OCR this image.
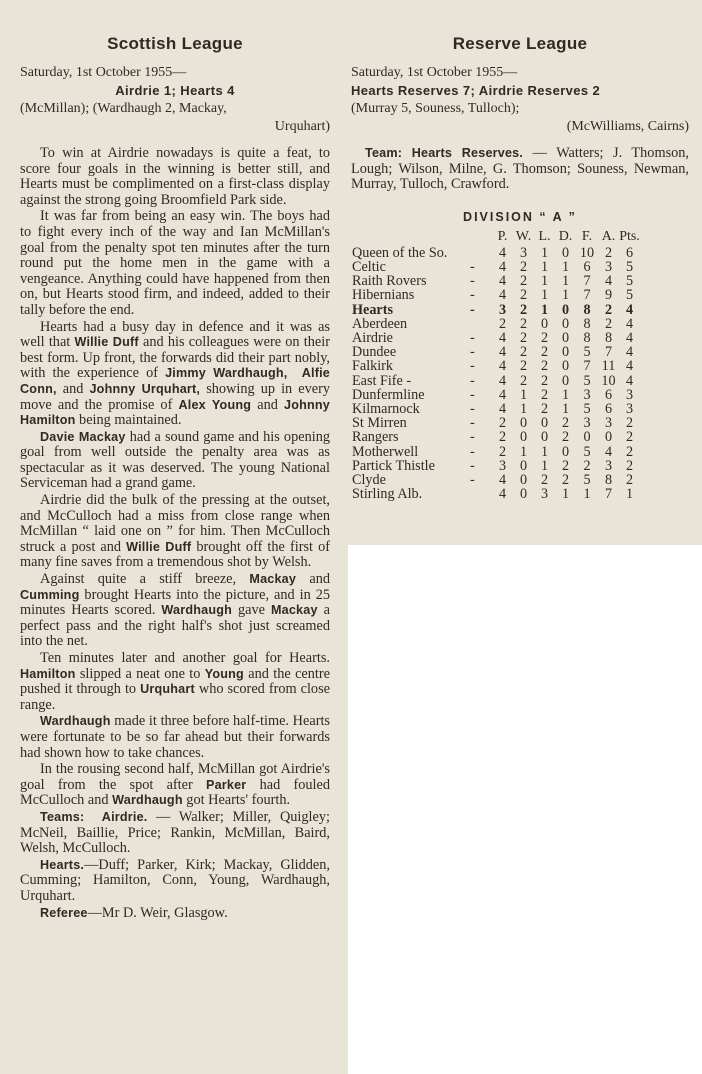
Scottish League
Saturday, 1st October 1955—
Airdrie 1; Hearts 4
(McMillan); (Wardhaugh 2, Mackay,
Urquhart)

To win at Airdrie nowadays is quite a feat, to score four goals in the winning is better still, and Hearts must be complimented on a first-class display against the strong going Broomfield Park side.

It was far from being an easy win. The boys had to fight every inch of the way and Ian McMillan's goal from the penalty spot ten minutes after the turn round put the home men in the game with a vengeance. Anything could have happened from then on, but Hearts stood firm, and indeed, added to their tally before the end.

Hearts had a busy day in defence and it was as well that Willie Duff and his colleagues were on their best form. Up front, the forwards did their part nobly, with the experience of Jimmy Wardhaugh, Alfie Conn, and Johnny Urquhart, showing up in every move and the promise of Alex Young and Johnny Hamilton being maintained.

Davie Mackay had a sound game and his opening goal from well outside the penalty area was as spectacular as it was deserved. The young National Serviceman had a grand game.

Airdrie did the bulk of the pressing at the outset, and McCulloch had a miss from close range when McMillan “ laid one on ” for him. Then McCulloch struck a post and Willie Duff brought off the first of many fine saves from a tremendous shot by Welsh.

Against quite a stiff breeze, Mackay and Cumming brought Hearts into the picture, and in 25 minutes Hearts scored. Wardhaugh gave Mackay a perfect pass and the right half's shot just screamed into the net.

Ten minutes later and another goal for Hearts. Hamilton slipped a neat one to Young and the centre pushed it through to Urquhart who scored from close range.

Wardhaugh made it three before half-time. Hearts were fortunate to be so far ahead but their forwards had shown how to take chances.

In the rousing second half, McMillan got Airdrie's goal from the spot after Parker had fouled McCulloch and Wardhaugh got Hearts' fourth.

Teams: Airdrie. — Walker; Miller, Quigley; McNeil, Baillie, Price; Rankin, McMillan, Baird, Welsh, McCulloch.

Hearts.—Duff; Parker, Kirk; Mackay, Glidden, Cumming; Hamilton, Conn, Young, Wardhaugh, Urquhart.

Referee—Mr D. Weir, Glasgow.

Reserve League
Saturday, 1st October 1955—
Hearts Reserves 7; Airdrie Reserves 2
(Murray 5, Souness, Tulloch);
(McWilliams, Cairns)
Team: Hearts Reserves. — Watters; J. Thomson, Lough; Wilson, Milne, G. Thomson; Souness, Newman, Murray, Tulloch, Crawford.
DIVISION “ A ”
		P.	W.	L.	D.	F.	A.	Pts.
Queen of the So.		4	3	1	0	10	2	6
Celtic	-	4	2	1	1	6	3	5
Raith Rovers	-	4	2	1	1	7	4	5
Hibernians	-	4	2	1	1	7	9	5
Hearts	-	3	2	1	0	8	2	4
Aberdeen		2	2	0	0	8	2	4
Airdrie	-	4	2	2	0	8	8	4
Dundee	-	4	2	2	0	5	7	4
Falkirk	-	4	2	2	0	7	11	4
East Fife -	-	4	2	2	0	5	10	4
Dunfermline	-	4	1	2	1	3	6	3
Kilmarnock	-	4	1	2	1	5	6	3
St Mirren	-	2	0	0	2	3	3	2
Rangers	-	2	0	0	2	0	0	2
Motherwell	-	2	1	1	0	5	4	2
Partick Thistle	-	3	0	1	2	2	3	2
Clyde	-	4	0	2	2	5	8	2
Stirling Alb.		4	0	3	1	1	7	1
